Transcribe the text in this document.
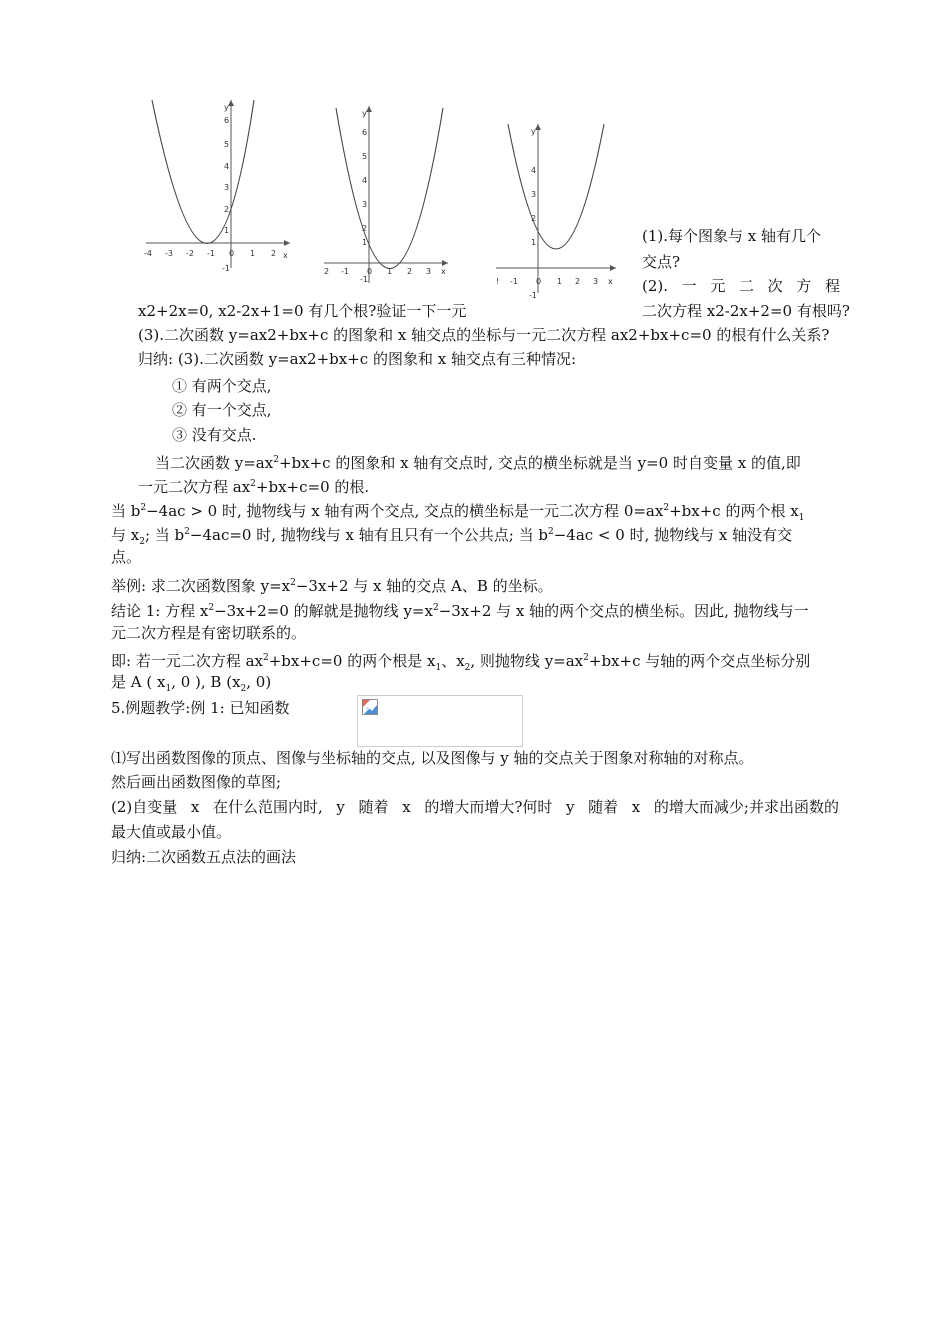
y
6
5
4
3
2
1
-1
-4 -3 -2 -1 0 1 2 x
y
6
5
4
3
2
1
-1
2 -1 0 1 2 3 x
y
4
3
2
1
-1
! -1 0 1 2 3 x
(1).每个图象与 x 轴有几个
交点?
(2). 一 元 二 次 方 程
x2+2x=0, x2-2x+1=0 有几个根?验证一下一元	二次方程 x2-2x+2=0 有根吗?
(3).二次函数 y=ax2+bx+c 的图象和 x 轴交点的坐标与一元二次方程 ax2+bx+c=0 的根有什么关系?
归纳: (3).二次函数 y=ax2+bx+c 的图象和 x 轴交点有三种情况:
① 有两个交点,
② 有一个交点,
③ 没有交点.
当二次函数 $y=ax^2+bx+c$ 的图象和 x 轴有交点时, 交点的横坐标就是当 y=0 时自变量 x 的值,即
一元二次方程 $ax^2+bx+c=0$ 的根.
当 $b^2-4ac > 0$ 时, 抛物线与 x 轴有两个交点, 交点的横坐标是一元二次方程 $0=ax^2+bx+c$ 的两个根 $x_1$
与 $x_2$; 当 $b^2-4ac=0$ 时, 抛物线与 x 轴有且只有一个公共点; 当 $b^2-4ac < 0$ 时, 抛物线与 x 轴没有交
点。
举例: 求二次函数图象 $y=x^2-3x+2$ 与 x 轴的交点 A、B 的坐标。
结论 1: 方程 $x^2-3x+2=0$ 的解就是抛物线 $y=x^2-3x+2$ 与 x 轴的两个交点的横坐标。因此, 抛物线与一
元二次方程是有密切联系的。
即: 若一元二次方程 $ax^2+bx+c=0$ 的两个根是 $x_1$、$x_2$, 则抛物线 $y=ax^2+bx+c$ 与轴的两个交点坐标分别
是 A ( $x_1$, 0 ), B ($x_2$, 0)
5.例题教学:例 1: 已知函数
⑴写出函数图像的顶点、图像与坐标轴的交点, 以及图像与 y 轴的交点关于图象对称轴的对称点。
然后画出函数图像的草图;
(2)自变量 x 在什么范围内时, y 随着 x 的增大而增大?何时 y 随着 x 的增大而减少;并求出函数的
最大值或最小值。
归纳:二次函数五点法的画法
